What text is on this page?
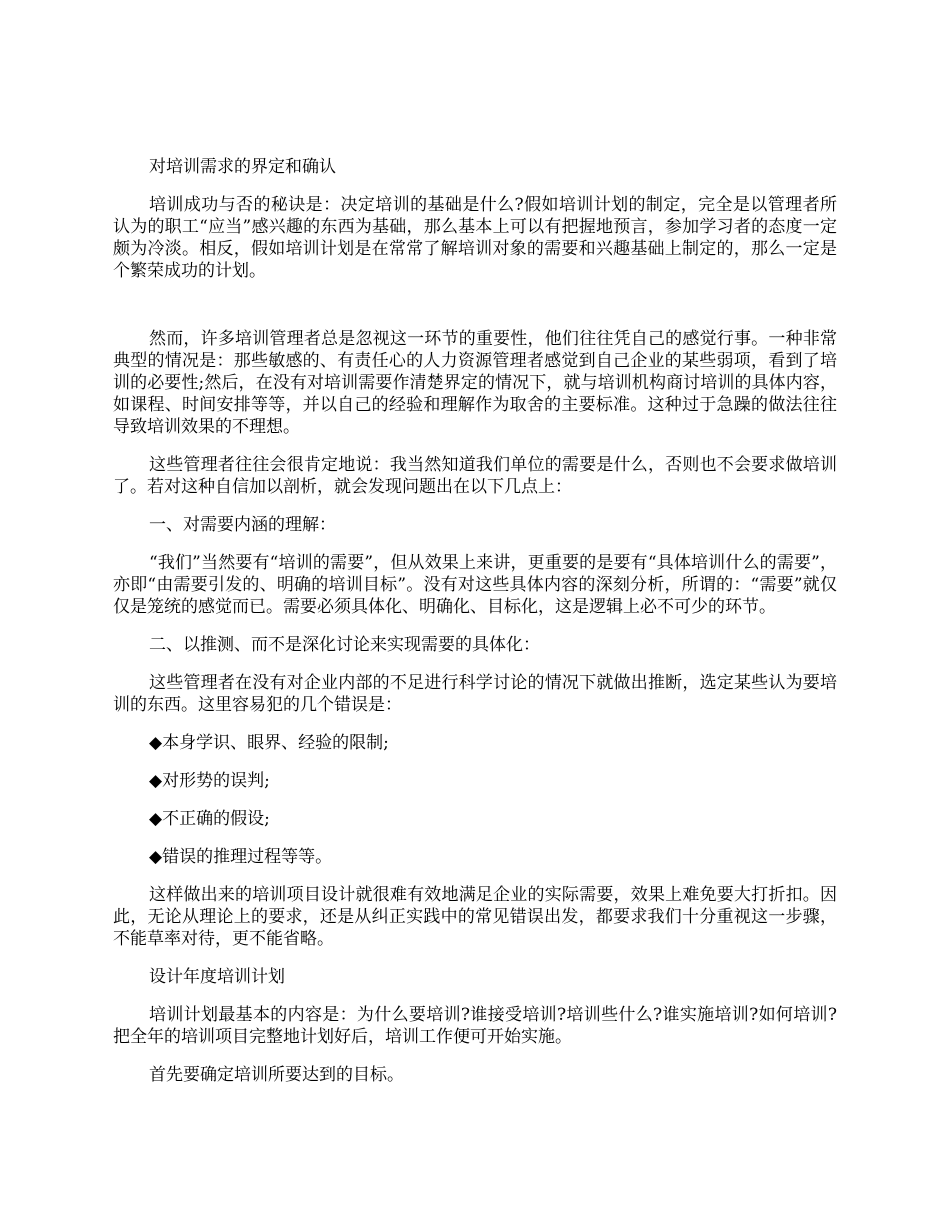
对培训需求的界定和确认

培训成功与否的秘诀是：决定培训的基础是什么?假如培训计划的制定，完全是以管理者所认为的职工“应当”感兴趣的东西为基础，那么基本上可以有把握地预言，参加学习者的态度一定颇为冷淡。相反，假如培训计划是在常常了解培训对象的需要和兴趣基础上制定的，那么一定是个繁荣成功的计划。

然而，许多培训管理者总是忽视这一环节的重要性，他们往往凭自己的感觉行事。一种非常典型的情况是：那些敏感的、有责任心的人力资源管理者感觉到自己企业的某些弱项，看到了培训的必要性;然后，在没有对培训需要作清楚界定的情况下，就与培训机构商讨培训的具体内容，如课程、时间安排等等，并以自己的经验和理解作为取舍的主要标准。这种过于急躁的做法往往导致培训效果的不理想。

这些管理者往往会很肯定地说：我当然知道我们单位的需要是什么，否则也不会要求做培训了。若对这种自信加以剖析，就会发现问题出在以下几点上：

一、对需要内涵的理解：

“我们”当然要有“培训的需要”，但从效果上来讲，更重要的是要有“具体培训什么的需要”，亦即“由需要引发的、明确的培训目标”。没有对这些具体内容的深刻分析，所谓的：“需要”就仅仅是笼统的感觉而已。需要必须具体化、明确化、目标化，这是逻辑上必不可少的环节。

二、以推测、而不是深化讨论来实现需要的具体化：

这些管理者在没有对企业内部的不足进行科学讨论的情况下就做出推断，选定某些认为要培训的东西。这里容易犯的几个错误是：

◆本身学识、眼界、经验的限制;

◆对形势的误判;

◆不正确的假设;

◆错误的推理过程等等。

这样做出来的培训项目设计就很难有效地满足企业的实际需要，效果上难免要大打折扣。因此，无论从理论上的要求，还是从纠正实践中的常见错误出发，都要求我们十分重视这一步骤，不能草率对待，更不能省略。

设计年度培训计划

培训计划最基本的内容是：为什么要培训?谁接受培训?培训些什么?谁实施培训?如何培训?把全年的培训项目完整地计划好后，培训工作便可开始实施。

首先要确定培训所要达到的目标。
